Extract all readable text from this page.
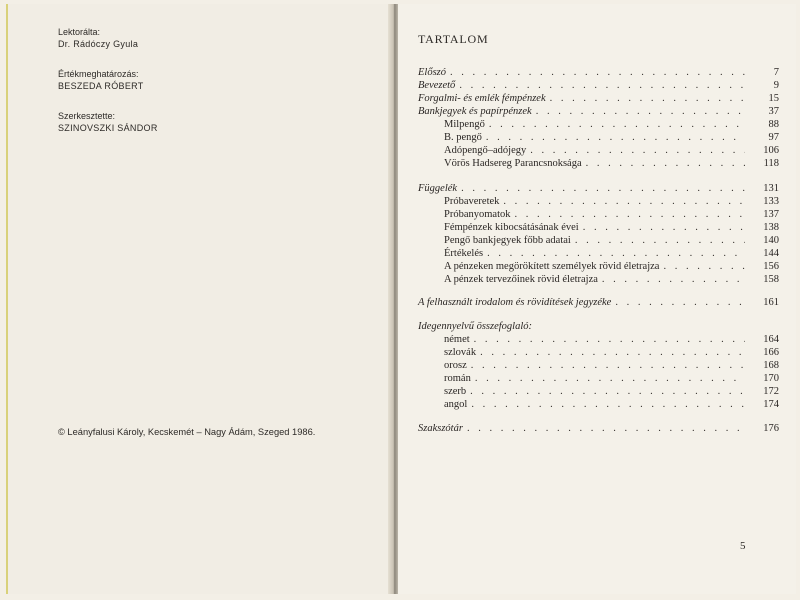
Lektorálta:
Dr. Rádóczy Gyula
Értékmeghatározás:
BESZEDA RÓBERT
Szerkesztette:
SZINOVSZKI SÁNDOR
© Leányfalusi Károly, Kecskemét – Nagy Ádám, Szeged 1986.
TARTALOM
Előszó . . .	7
Bevezető . . .	9
Forgalmi- és emlék fémpénzek . . .	15
Bankjegyek és papírpénzek . . .	37
Milpengő . . .	88
B. pengő . . .	97
Adópengő–adójegy . . .	106
Vörös Hadsereg Parancsnoksága . . .	118
Függelék . . .	131
Próbaveretek . . .	133
Próbanyomatok . . .	137
Fémpénzek kibocsátásának évei . . .	138
Pengő bankjegyek főbb adatai . . .	140
Értékelés . . .	144
A pénzeken megörökített személyek rövid életrajza . . .	156
A pénzek tervezőinek rövid életrajza . . .	158
A felhasznált irodalom és rövidítések jegyzéke . . .	161
Idegennyelvű összefoglaló:
német . . .	164
szlovák . . .	166
orosz . . .	168
román . . .	170
szerb . . .	172
angol . . .	174
Szakszótár . . .	176
5
